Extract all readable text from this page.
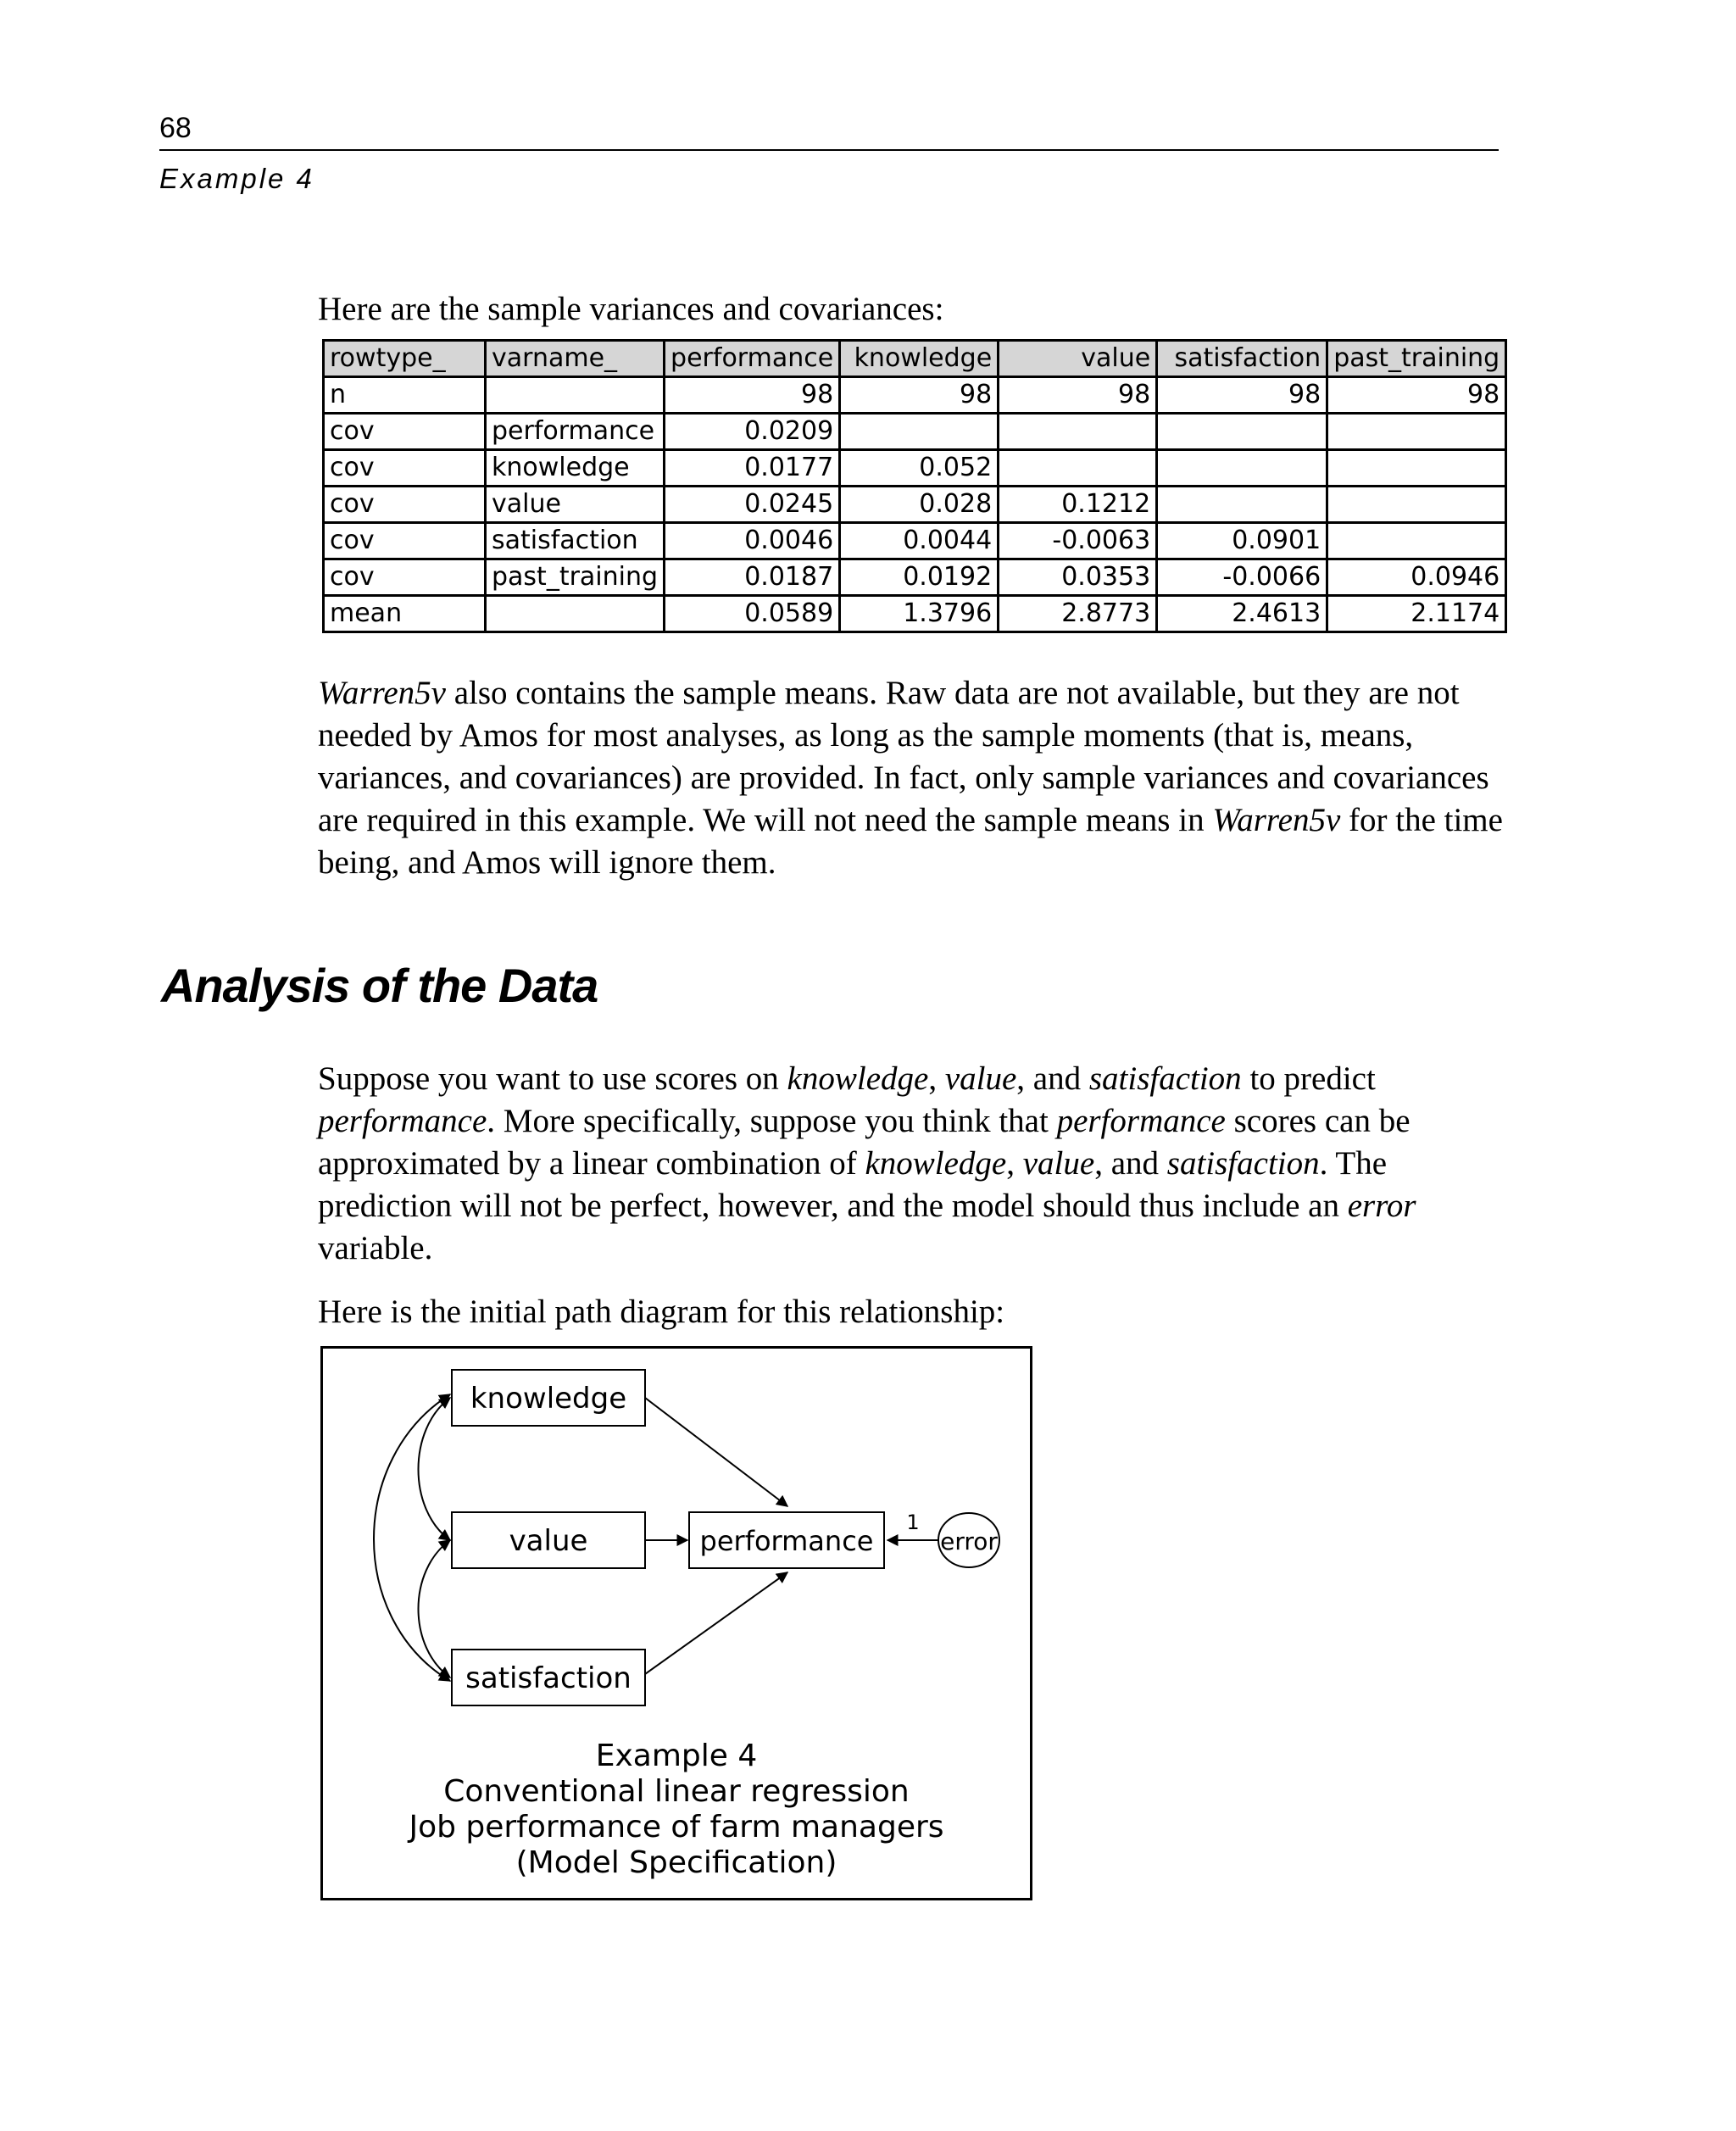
68
Example 4

Here are the sample variances and covariances:

rowtype_	varname_	performance	knowledge	value	satisfaction	past_training
n		98	98	98	98	98
cov	performance	0.0209				
cov	knowledge	0.0177	0.052			
cov	value	0.0245	0.028	0.1212		
cov	satisfaction	0.0046	0.0044	-0.0063	0.0901	
cov	past_training	0.0187	0.0192	0.0353	-0.0066	0.0946
mean		0.0589	1.3796	2.8773	2.4613	2.1174

Warren5v also contains the sample means. Raw data are not available, but they are not needed by Amos for most analyses, as long as the sample moments (that is, means, variances, and covariances) are provided. In fact, only sample variances and covariances are required in this example. We will not need the sample means in Warren5v for the time being, and Amos will ignore them.

Analysis of the Data

Suppose you want to use scores on knowledge, value, and satisfaction to predict performance. More specifically, suppose you think that performance scores can be approximated by a linear combination of knowledge, value, and satisfaction. The prediction will not be perfect, however, and the model should thus include an error variable.

Here is the initial path diagram for this relationship:

knowledge
value
satisfaction
performance	error
1
Example 4
Conventional linear regression
Job performance of farm managers
(Model Specification)
